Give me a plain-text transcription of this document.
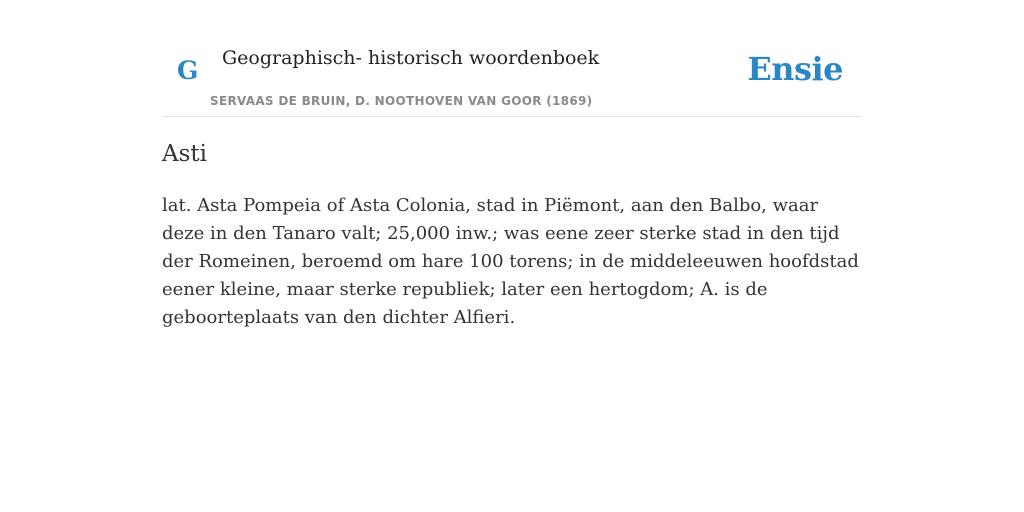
G Geographisch- historisch woordenboek
SERVAAS DE BRUIN, D. NOOTHOVEN VAN GOOR (1869)
Ensie
Asti

lat. Asta Pompeia of Asta Colonia, stad in Piëmont, aan den Balbo, waar deze in den Tanaro valt; 25,000 inw.; was eene zeer sterke stad in den tijd der Romeinen, beroemd om hare 100 torens; in de middeleeuwen hoofdstad eener kleine, maar sterke republiek; later een hertogdom; A. is de geboorteplaats van den dichter Alfieri.
